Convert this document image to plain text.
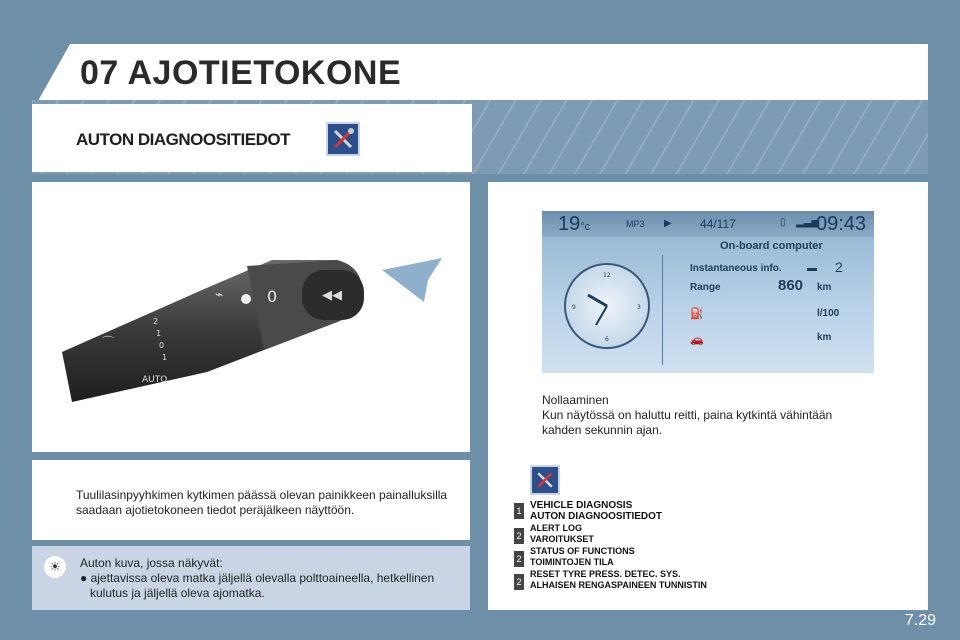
07 AJOTIETOKONE
AUTON DIAGNOOSITIEDOT
◀◀
0
⌁
⌒
AUTO
2
1
0
1
19°c	MP3 ▶ 44/117	▯ ▂▃▅
09:43
On-board computer
12
3
6
9
Instantaneous info.	▬ 2
Range	860 km
⛽	l/100
🚗	km
Nollaaminen
Kun näytössä on haluttu reitti, paina kytkintä vähintään kahden sekunnin ajan.
1 VEHICLE DIAGNOSIS
AUTON DIAGNOOSITIEDOT
2
ALERT LOG
VAROITUKSET
2
STATUS OF FUNCTIONS
TOIMINTOJEN TILA
2
RESET TYRE PRESS. DETEC. SYS.
ALHAISEN RENGASPAINEEN TUNNISTIN
Tuulilasinpyyhkimen kytkimen päässä olevan painikkeen painalluksilla saadaan ajotietokoneen tiedot peräjälkeen näyttöön.
☀	Auton kuva, jossa näkyvät:
● ajettavissa oleva matka jäljellä olevalla polttoaineella, hetkellinen kulutus ja jäljellä oleva ajomatka.
7.29
